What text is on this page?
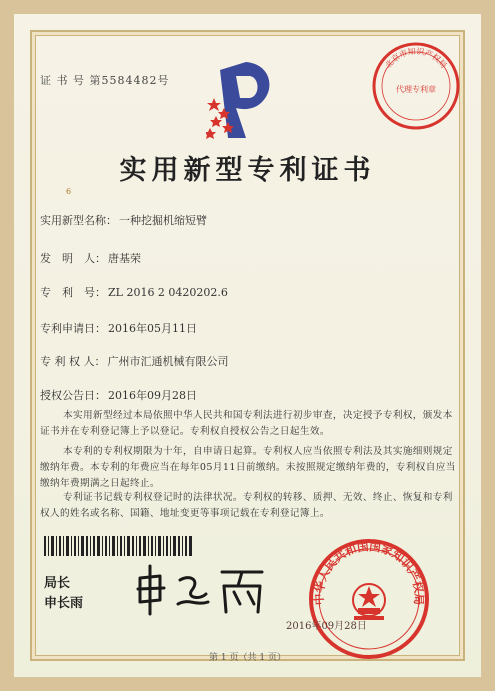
证 书 号 第5584482号
北京市知识产权局
代理专利章
实用新型专利证书
6
实用新型名称： 一种挖掘机缩短臂
发　明　人： 唐基荣
专　利　号： ZL 2016 2 0420202.6
专利申请日： 2016年05月11日
专 利 权 人： 广州市汇通机械有限公司
授权公告日： 2016年09月28日
本实用新型经过本局依照中华人民共和国专利法进行初步审查，决定授予专利权，颁发本证书并在专利登记簿上予以登记。专利权自授权公告之日起生效。
本专利的专利权期限为十年，自申请日起算。专利权人应当依照专利法及其实施细则规定缴纳年费。本专利的年费应当在每年05月11日前缴纳。未按照规定缴纳年费的，专利权自应当缴纳年费期满之日起终止。
专利证书记载专利权登记时的法律状况。专利权的转移、质押、无效、终止、恢复和专利权人的姓名或名称、国籍、地址变更等事项记载在专利登记簿上。
局长
申长雨	中华人民共和国国家知识产权局
2016年09月28日
第 1 页（共 1 页）
